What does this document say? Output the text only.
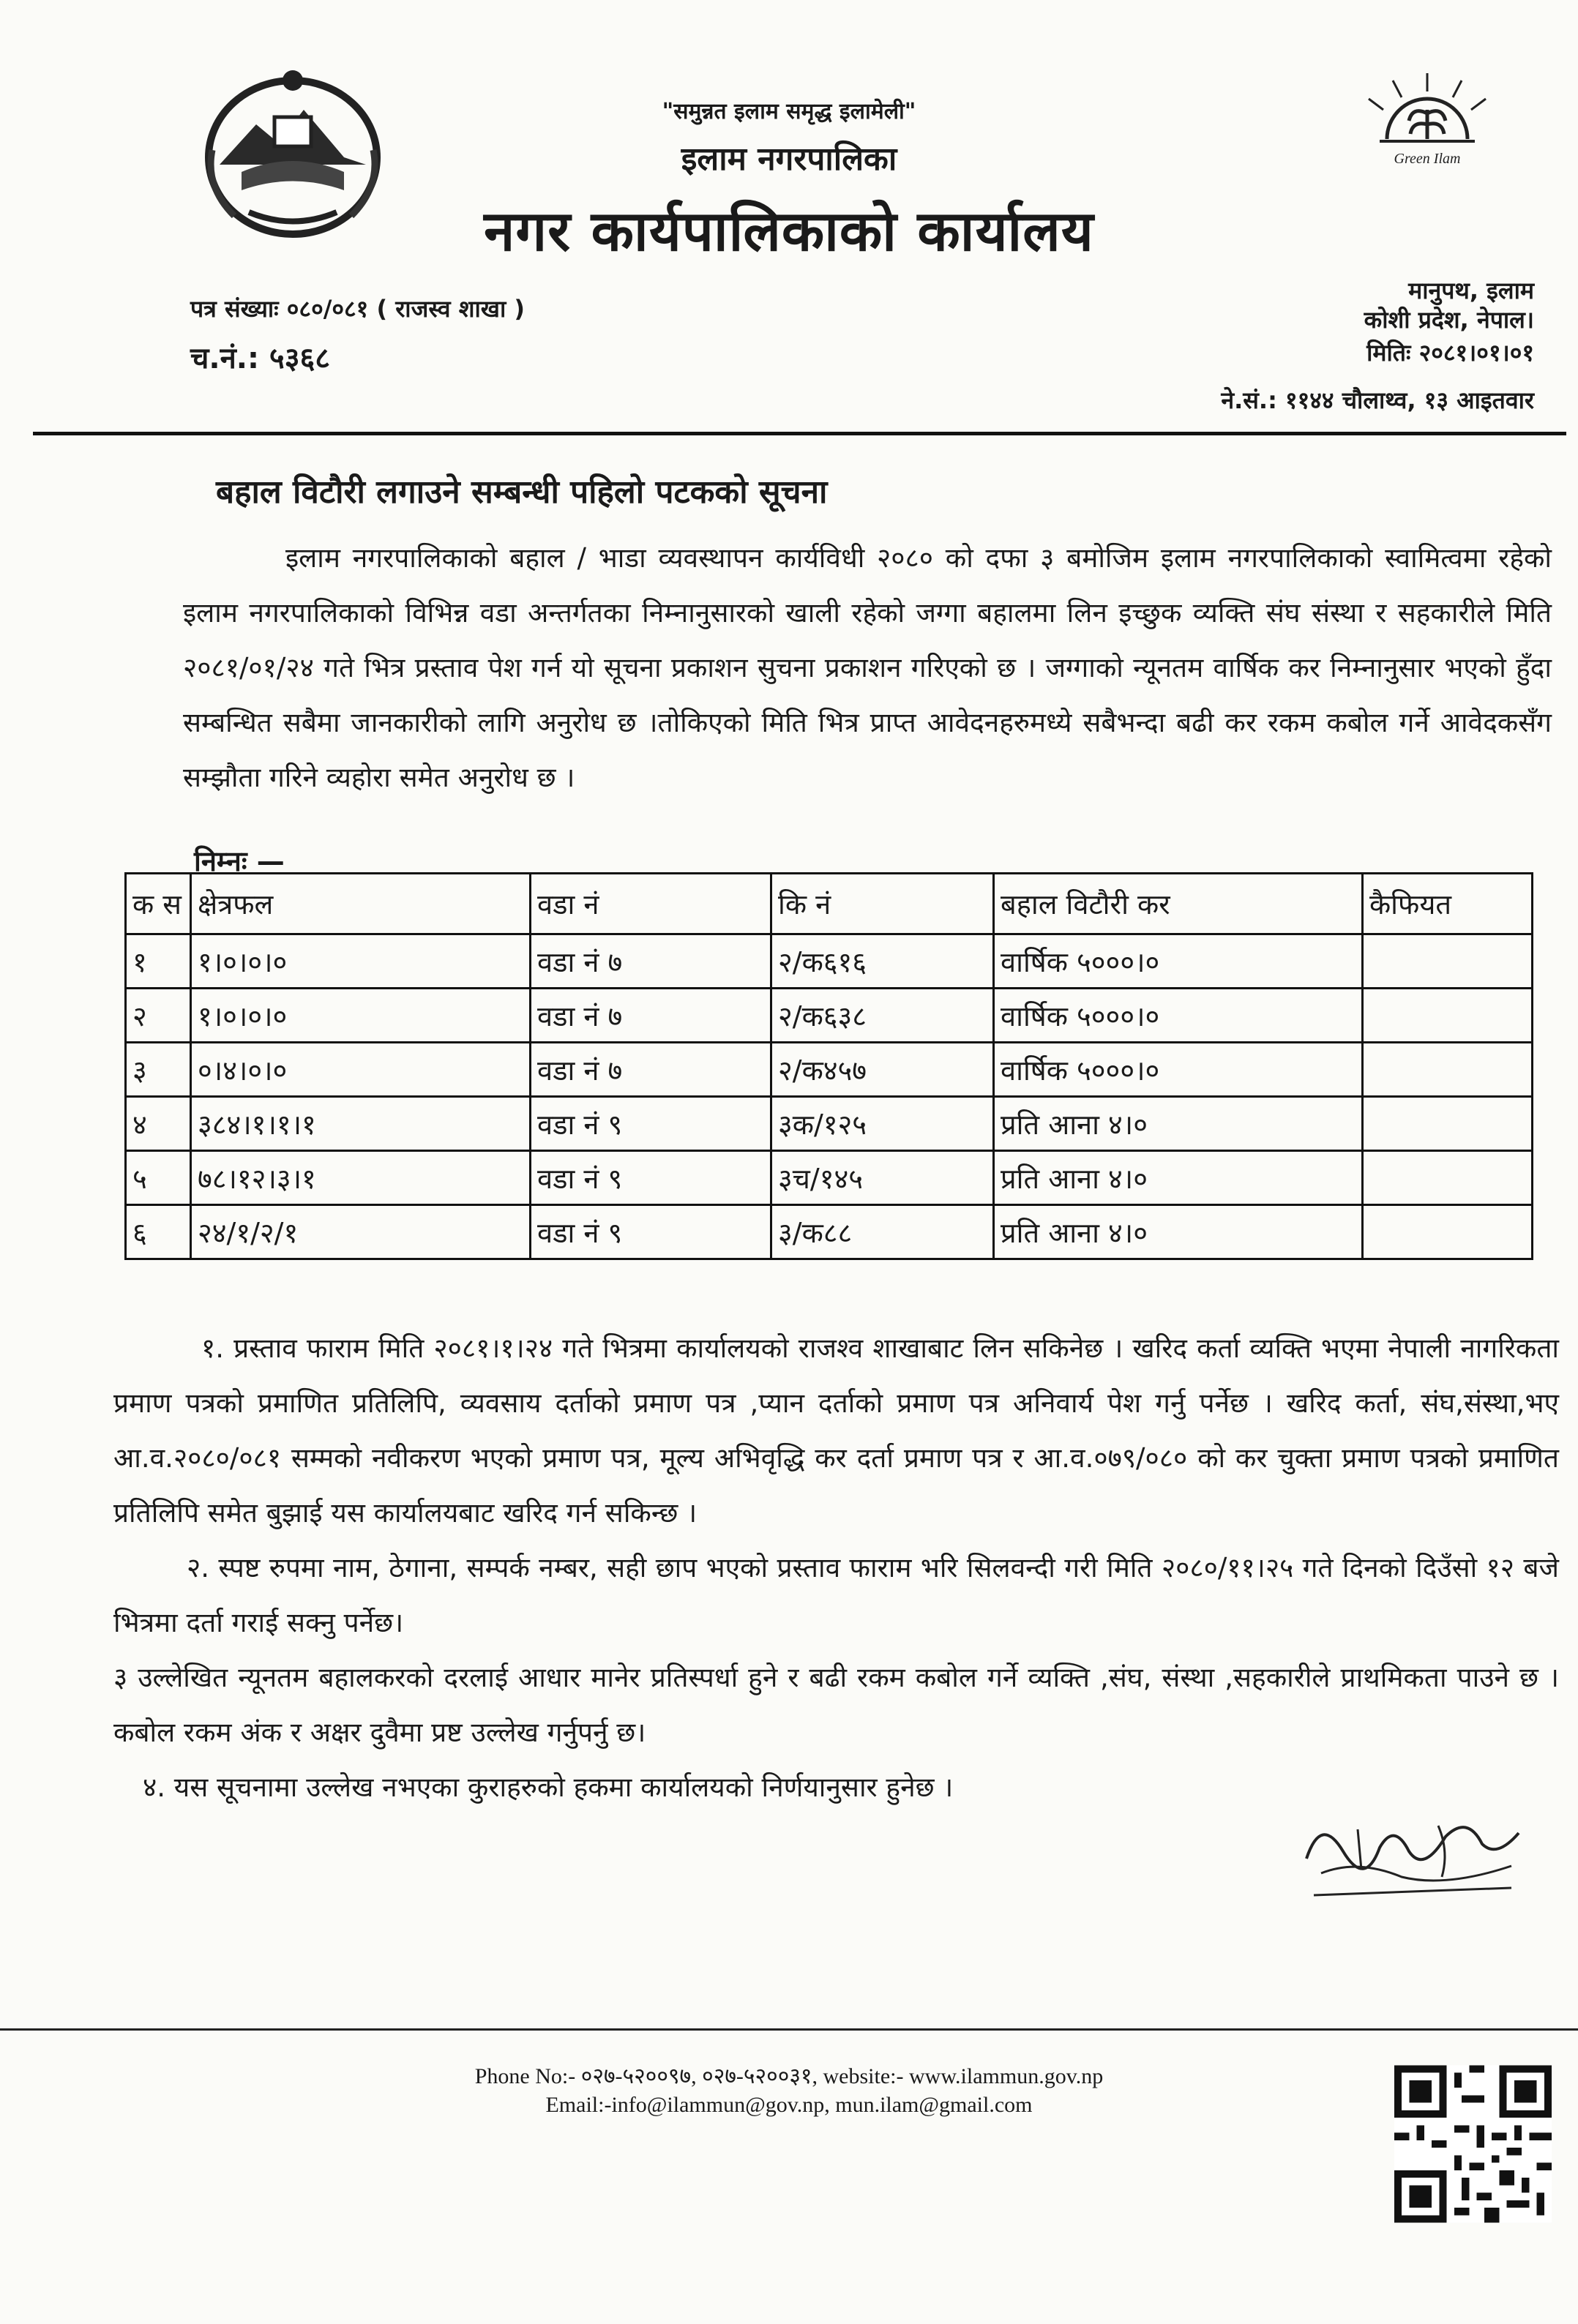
Green Ilam
"समुन्नत इलाम समृद्ध इलामेली"
इलाम नगरपालिका
नगर कार्यपालिकाको कार्यालय
पत्र संख्याः ०८०/०८१ ( राजस्व शाखा )
च.नं.: ५३६८
मानुपथ, इलाम
कोशी प्रदेश, नेपाल।
मितिः २०८१।०१।०१
ने.सं.: ११४४ चौलाथ्व, १३ आइतवार
बहाल विटौरी लगाउने सम्बन्धी पहिलो पटकको सूचना

इलाम नगरपालिकाको बहाल / भाडा व्यवस्थापन कार्यविधी २०८० को दफा ३ बमोजिम इलाम नगरपालिकाको स्वामित्वमा रहेको इलाम नगरपालिकाको विभिन्न वडा अन्तर्गतका निम्नानुसारको खाली रहेको जग्गा बहालमा लिन इच्छुक व्यक्ति संघ संस्था र सहकारीले मिति २०८१/०१/२४ गते भित्र प्रस्ताव पेश गर्न यो सूचना प्रकाशन सुचना प्रकाशन गरिएको छ । जग्गाको न्यूनतम वार्षिक कर निम्नानुसार भएको हुँदा सम्बन्धित सबैमा जानकारीको लागि अनुरोध छ ।तोकिएको मिति भित्र प्राप्त आवेदनहरुमध्ये सबैभन्दा बढी कर रकम कबोल गर्ने आवेदकसँग सम्झौता गरिने व्यहोरा समेत अनुरोध छ ।

निम्नः —
क स	क्षेत्रफल	वडा नं	कि नं	बहाल विटौरी कर	कैफियत
१	१।०।०।०	वडा नं ७	२/क६१६	वार्षिक ५०००।०	
२	१।०।०।०	वडा नं ७	२/क६३८	वार्षिक ५०००।०	
३	०।४।०।०	वडा नं ७	२/क४५७	वार्षिक ५०००।०	
४	३८४।१।१।१	वडा नं ९	३क/१२५	प्रति आना ४।०	
५	७८।१२।३।१	वडा नं ९	३च/१४५	प्रति आना ४।०	
६	२४/१/२/१	वडा नं ९	३/क८८	प्रति आना ४।०	

१. प्रस्ताव फाराम मिति २०८१।१।२४ गते भित्रमा कार्यालयको राजश्व शाखाबाट लिन सकिनेछ । खरिद कर्ता व्यक्ति भएमा नेपाली नागरिकता प्रमाण पत्रको प्रमाणित प्रतिलिपि, व्यवसाय दर्ताको प्रमाण पत्र ,प्यान दर्ताको प्रमाण पत्र अनिवार्य पेश गर्नु पर्नेछ । खरिद कर्ता, संघ,संस्था,भए आ.व.२०८०/०८१ सम्मको नवीकरण भएको प्रमाण पत्र, मूल्य अभिवृद्धि कर दर्ता प्रमाण पत्र र आ.व.०७९/०८० को कर चुक्ता प्रमाण पत्रको प्रमाणित प्रतिलिपि समेत बुझाई यस कार्यालयबाट खरिद गर्न सकिन्छ ।

२. स्पष्ट रुपमा नाम, ठेगाना, सम्पर्क नम्बर, सही छाप भएको प्रस्ताव फाराम भरि सिलवन्दी गरी मिति २०८०/११।२५ गते दिनको दिउँसो १२ बजे भित्रमा दर्ता गराई सक्नु पर्नेछ।

३ उल्लेखित न्यूनतम बहालकरको दरलाई आधार मानेर प्रतिस्पर्धा हुने र बढी रकम कबोल गर्ने व्यक्ति ,संघ, संस्था ,सहकारीले प्राथमिकता पाउने छ । कबोल रकम अंक र अक्षर दुवैमा प्रष्ट उल्लेख गर्नुपर्नु छ।

४. यस सूचनामा उल्लेख नभएका कुराहरुको हकमा कार्यालयको निर्णयानुसार हुनेछ ।

Phone No:- ०२७-५२००९७, ०२७-५२००३१, website:- www.ilammun.gov.np
Email:-info@ilammun@gov.np, mun.ilam@gmail.com
